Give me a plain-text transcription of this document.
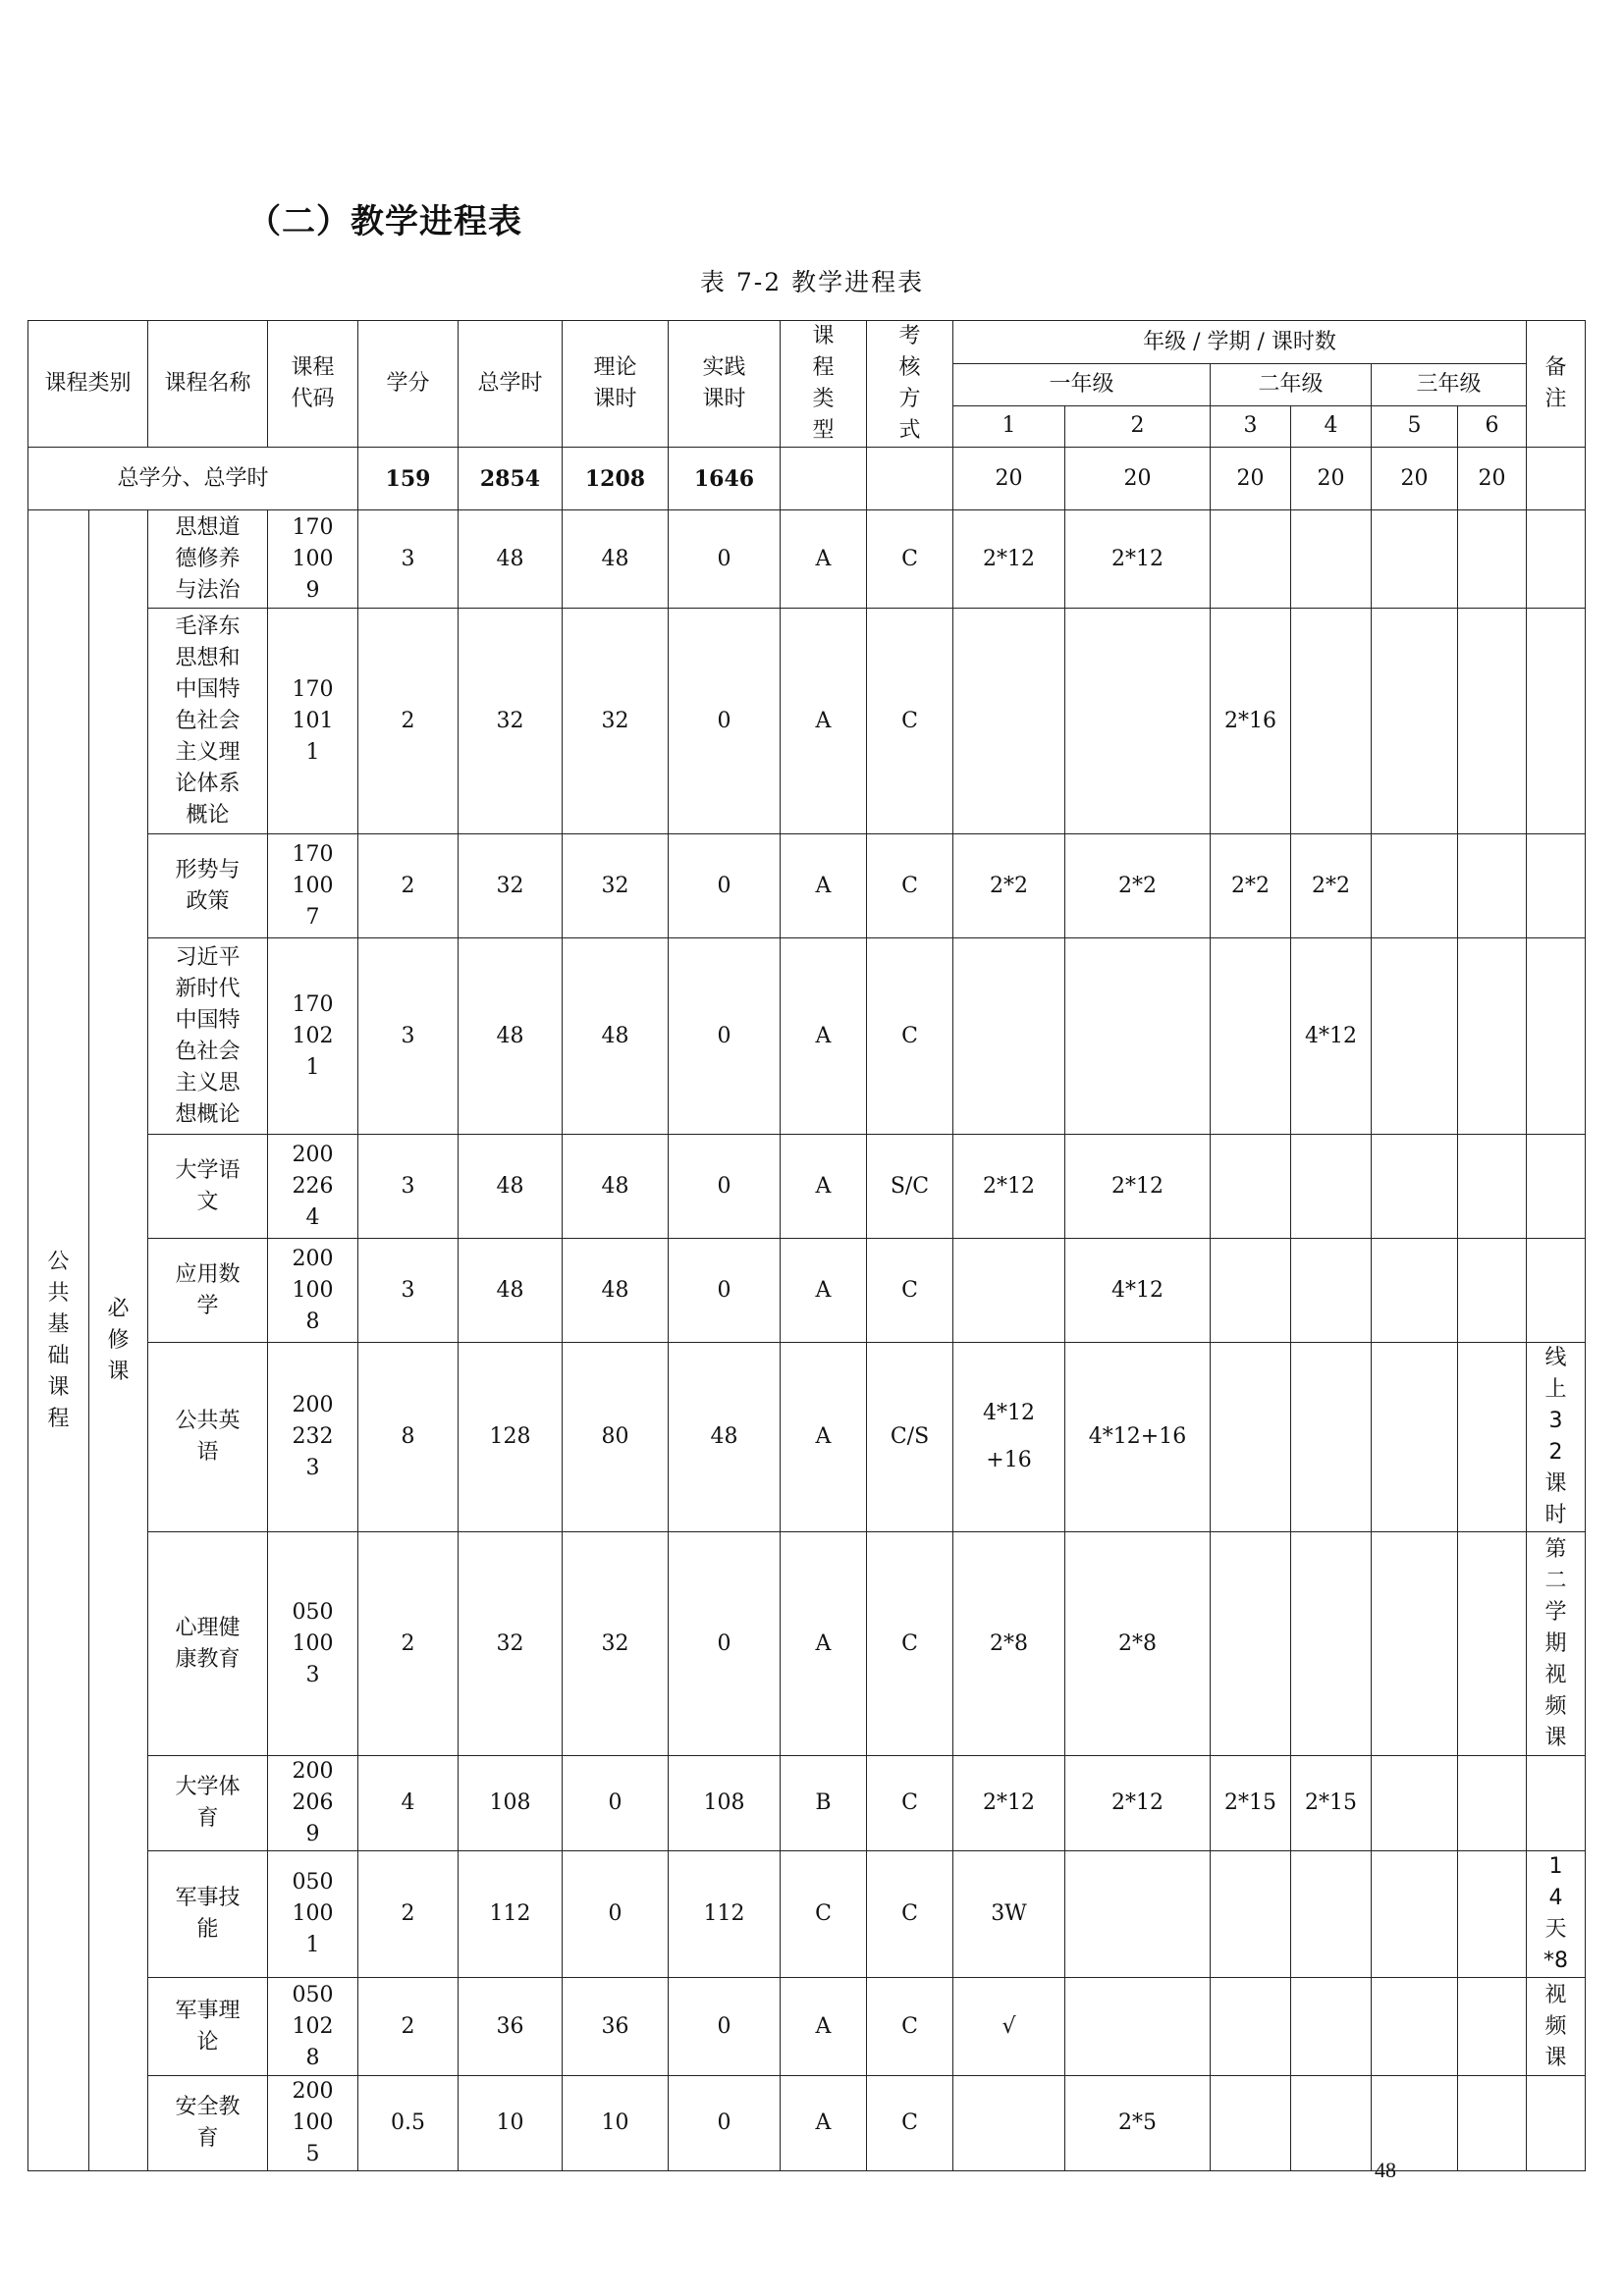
（二）教学进程表
表 7-2 教学进程表
课程类别		课程名称	课程代码	学分	总学时	理论课时	实践课时	课程类型	考核方式	年级 / 学期 / 课时数						备注
										一年级		二年级		三年级		
										1	2	3	4	5	6	
总学分、总学时				159	2854	1208	1646			20	20	20	20	20	20	
公共基础课程	必修课	思想道德修养与法治	1701009	3	48	48	0	A	C	2*12	2*12					
		毛泽东思想和中国特色社会主义理论体系概论	1701011	2	32	32	0	A	C			2*16				
		形势与政策	1701007	2	32	32	0	A	C	2*2	2*2	2*2	2*2			
		习近平新时代中国特色社会主义思想概论	1701021	3	48	48	0	A	C				4*12			
		大学语文	2002264	3	48	48	0	A	S/C	2*12	2*12					
		应用数学	2001008	3	48	48	0	A	C		4*12					
		公共英语	2002323	8	128	80	48	A	C/S	4*12 +16	4*12+16					线上32课时
		心理健康教育	0501003	2	32	32	0	A	C	2*8	2*8					第二学期视频课
		大学体育	2002069	4	108	0	108	B	C	2*12	2*12	2*15	2*15			
		军事技能	0501001	2	112	0	112	C	C	3W						14天*8
		军事理论	0501028	2	36	36	0	A	C	√						视频课
		安全教育	2001005	0.5	10	10	0	A	C		2*5					
48
